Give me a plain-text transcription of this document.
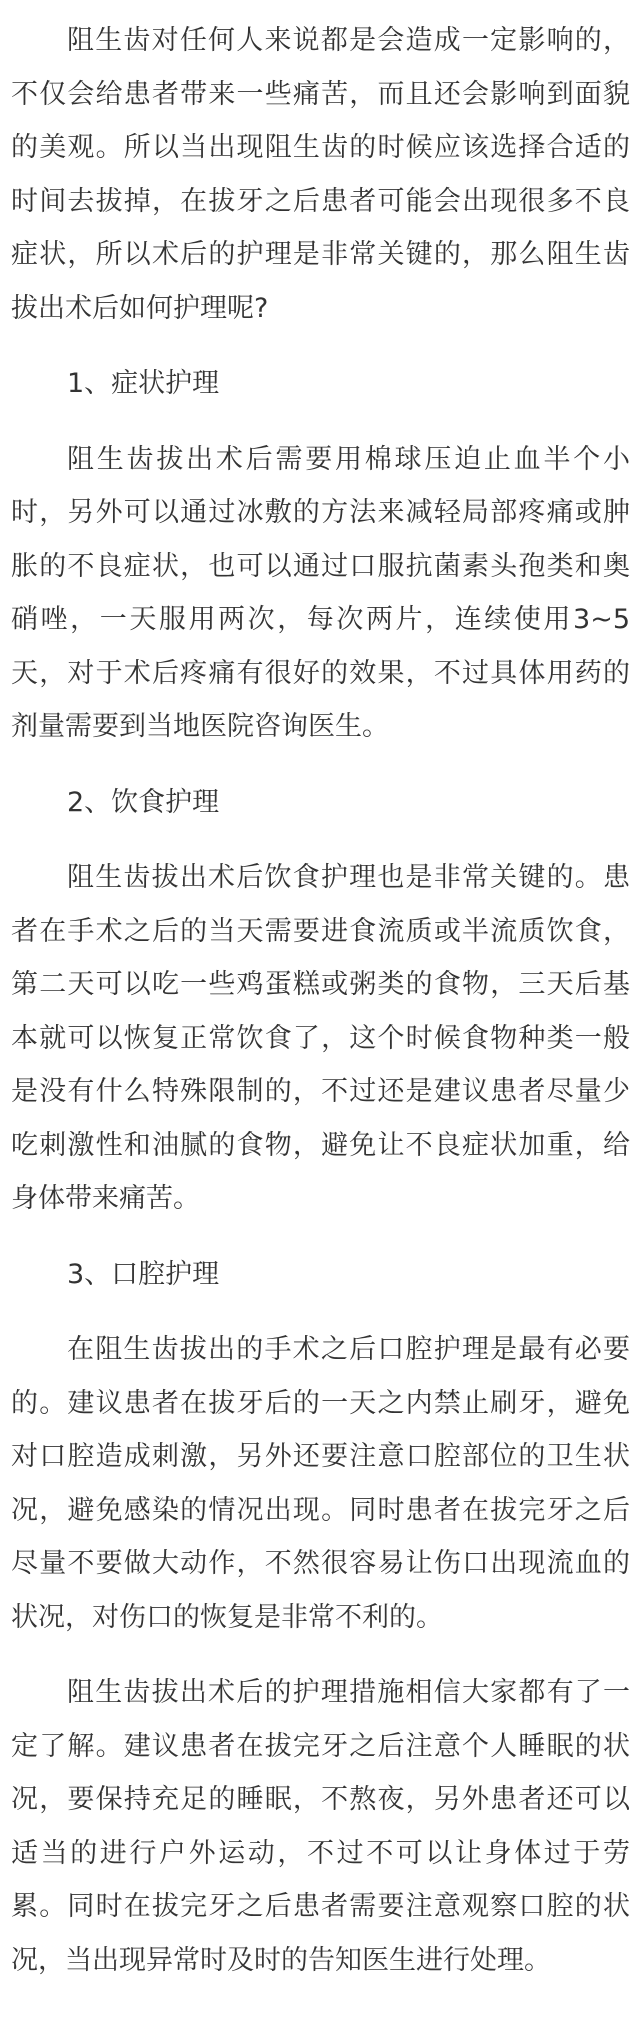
阻生齿对任何人来说都是会造成一定影响的，不仅会给患者带来一些痛苦，而且还会影响到面貌的美观。所以当出现阻生齿的时候应该选择合适的时间去拔掉，在拔牙之后患者可能会出现很多不良症状，所以术后的护理是非常关键的，那么阻生齿拔出术后如何护理呢?

1、症状护理

阻生齿拔出术后需要用棉球压迫止血半个小时，另外可以通过冰敷的方法来减轻局部疼痛或肿胀的不良症状，也可以通过口服抗菌素头孢类和奥硝唑，一天服用两次，每次两片，连续使用3~5天，对于术后疼痛有很好的效果，不过具体用药的剂量需要到当地医院咨询医生。

2、饮食护理

阻生齿拔出术后饮食护理也是非常关键的。患者在手术之后的当天需要进食流质或半流质饮食，第二天可以吃一些鸡蛋糕或粥类的食物，三天后基本就可以恢复正常饮食了，这个时候食物种类一般是没有什么特殊限制的，不过还是建议患者尽量少吃刺激性和油腻的食物，避免让不良症状加重，给身体带来痛苦。

3、口腔护理

在阻生齿拔出的手术之后口腔护理是最有必要的。建议患者在拔牙后的一天之内禁止刷牙，避免对口腔造成刺激，另外还要注意口腔部位的卫生状况，避免感染的情况出现。同时患者在拔完牙之后尽量不要做大动作，不然很容易让伤口出现流血的状况，对伤口的恢复是非常不利的。

阻生齿拔出术后的护理措施相信大家都有了一定了解。建议患者在拔完牙之后注意个人睡眠的状况，要保持充足的睡眠，不熬夜，另外患者还可以适当的进行户外运动，不过不可以让身体过于劳累。同时在拔完牙之后患者需要注意观察口腔的状况，当出现异常时及时的告知医生进行处理。
